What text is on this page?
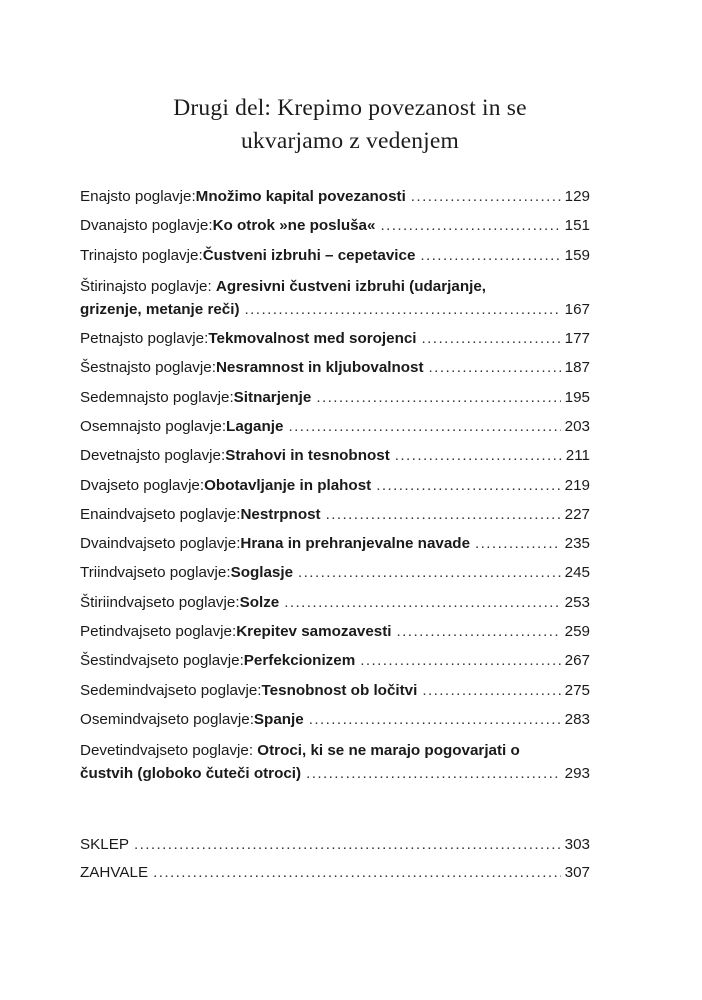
Drugi del: Krepimo povezanost in se
ukvarjamo z vedenjem
Enajsto poglavje: Množimo kapital povezanosti . . .	129
Dvanajsto poglavje: Ko otrok »ne posluša« . . .	151
Trinajsto poglavje: Čustveni izbruhi – cepetavice . . .	159
Štirinajsto poglavje: Agresivni čustveni izbruhi (udarjanje,
grizenje, metanje reči) . . .	167
Petnajsto poglavje: Tekmovalnost med sorojenci . . .	177
Šestnajsto poglavje: Nesramnost in kljubovalnost . . .	187
Sedemnajsto poglavje: Sitnarjenje . . .	195
Osemnajsto poglavje: Laganje . . .	203
Devetnajsto poglavje: Strahovi in tesnobnost . . .	211
Dvajseto poglavje: Obotavljanje in plahost . . .	219
Enaindvajseto poglavje: Nestrpnost . . .	227
Dvaindvajseto poglavje: Hrana in prehranjevalne navade . . .	235
Triindvajseto poglavje: Soglasje . . .	245
Štiriindvajseto poglavje: Solze . . .	253
Petindvajseto poglavje: Krepitev samozavesti . . .	259
Šestindvajseto poglavje: Perfekcionizem . . .	267
Sedemindvajseto poglavje: Tesnobnost ob ločitvi . . .	275
Osemindvajseto poglavje: Spanje . . .	283
Devetindvajseto poglavje: Otroci, ki se ne marajo pogovarjati o
čustvih (globoko čuteči otroci) . . .	293
SKLEP . . .	303
ZAHVALE . . .	307
